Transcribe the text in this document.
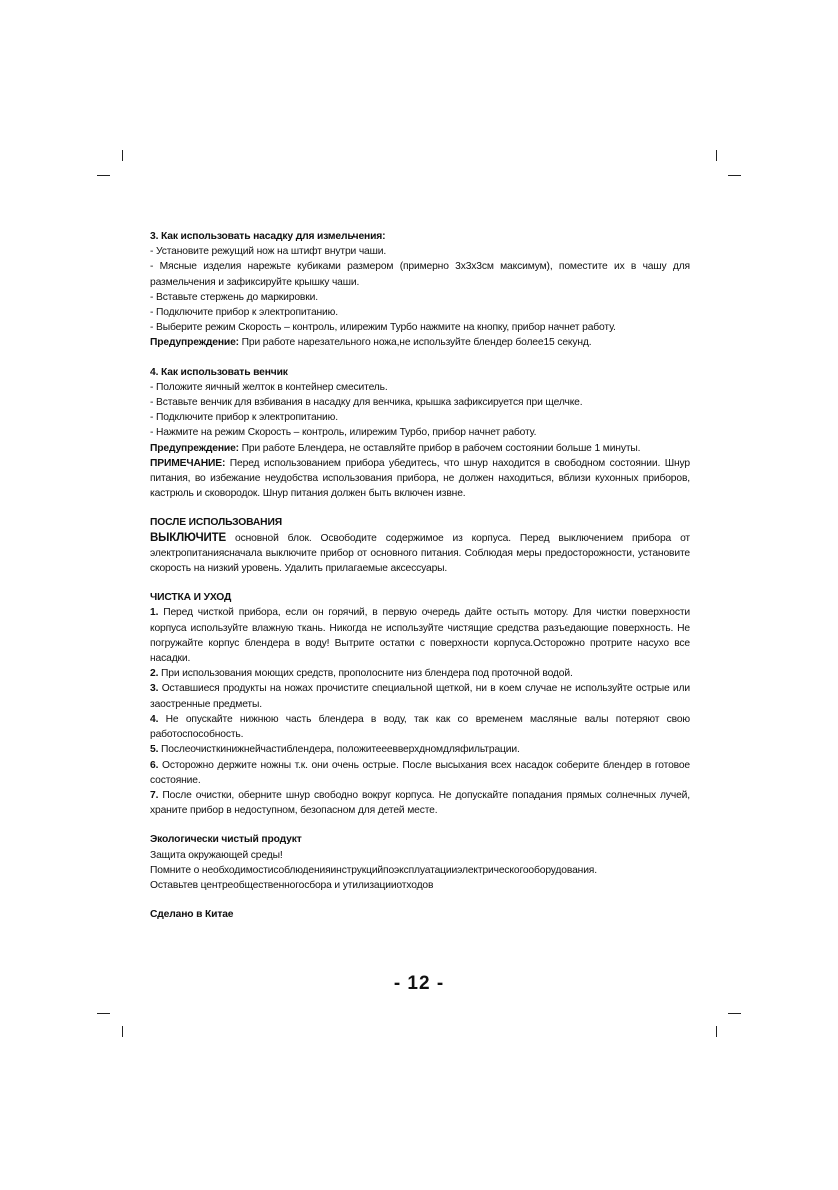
3. Как использовать насадку для измельчения:

- Установите режущий нож на штифт внутри чаши.

- Мясные изделия нарежьте кубиками размером (примерно 3х3х3см максимум), поместите их в чашу для размельчения и зафиксируйте крышку чаши.

- Вставьте стержень до маркировки.

- Подключите прибор к электропитанию.

- Выберите режим Скорость – контроль, илирежим Турбо нажмите на кнопку, прибор начнет работу.

Предупреждение: При работе нарезательного ножа,не используйте блендер более15 секунд.

4. Как использовать венчик

- Положите яичный желток в контейнер смеситель.

- Вставьте венчик для взбивания в насадку для венчика, крышка зафиксируется при щелчке.

- Подключите прибор к электропитанию.

- Нажмите на режим Скорость – контроль, илирежим Турбо, прибор начнет работу.

Предупреждение: При работе Блендера, не оставляйте прибор в рабочем состоянии больше 1 минуты.

ПРИМЕЧАНИЕ: Перед использованием прибора убедитесь, что шнур находится в свободном состоянии. Шнур питания, во избежание неудобства использования прибора, не должен находиться, вблизи кухонных приборов, кастрюль и сковородок. Шнур питания должен быть включен извне.

ПОСЛЕ ИСПОЛЬЗОВАНИЯ

ВЫКЛЮЧИТЕ основной блок. Освободите содержимое из корпуса. Перед выключением прибора от электропитаниясначала выключите прибор от основного питания. Соблюдая меры предосторожности, установите скорость на низкий уровень. Удалить прилагаемые аксессуары.

ЧИСТКА И УХОД

1. Перед чисткой прибора, если он горячий, в первую очередь дайте остыть мотору. Для чистки поверхности корпуса используйте влажную ткань. Никогда не используйте чистящие средства разъедающие поверхность. Не погружайте корпус блендера в воду! Вытрите остатки с поверхности корпуса.Осторожно протрите насухо все насадки.

2. При использования моющих средств, прополосните низ блендера под проточной водой.

3. Оставшиеся продукты на ножах прочистите специальной щеткой, ни в коем случае не используйте острые или заостренные предметы.

4. Не опускайте нижнюю часть блендера в воду, так как со временем масляные валы потеряют свою работоспособность.

5. Послеочисткинижнейчастиблендера, положитееевверхдномдляфильтрации.

6. Осторожно держите ножны т.к. они очень острые. После высыхания всех насадок соберите блендер в готовое состояние.

7. После очистки, оберните шнур свободно вокруг корпуса. Не допускайте попадания прямых солнечных лучей, храните прибор в недоступном, безопасном для детей месте.

Экологически чистый продукт

Защита окружающей среды!

Помните о необходимостисоблюденияинструкцийпоэксплуатацииэлектрическогооборудования.

Оставьтев центреобщественногосбора и утилизацииотходов

Сделано в Китае

- 12 -
